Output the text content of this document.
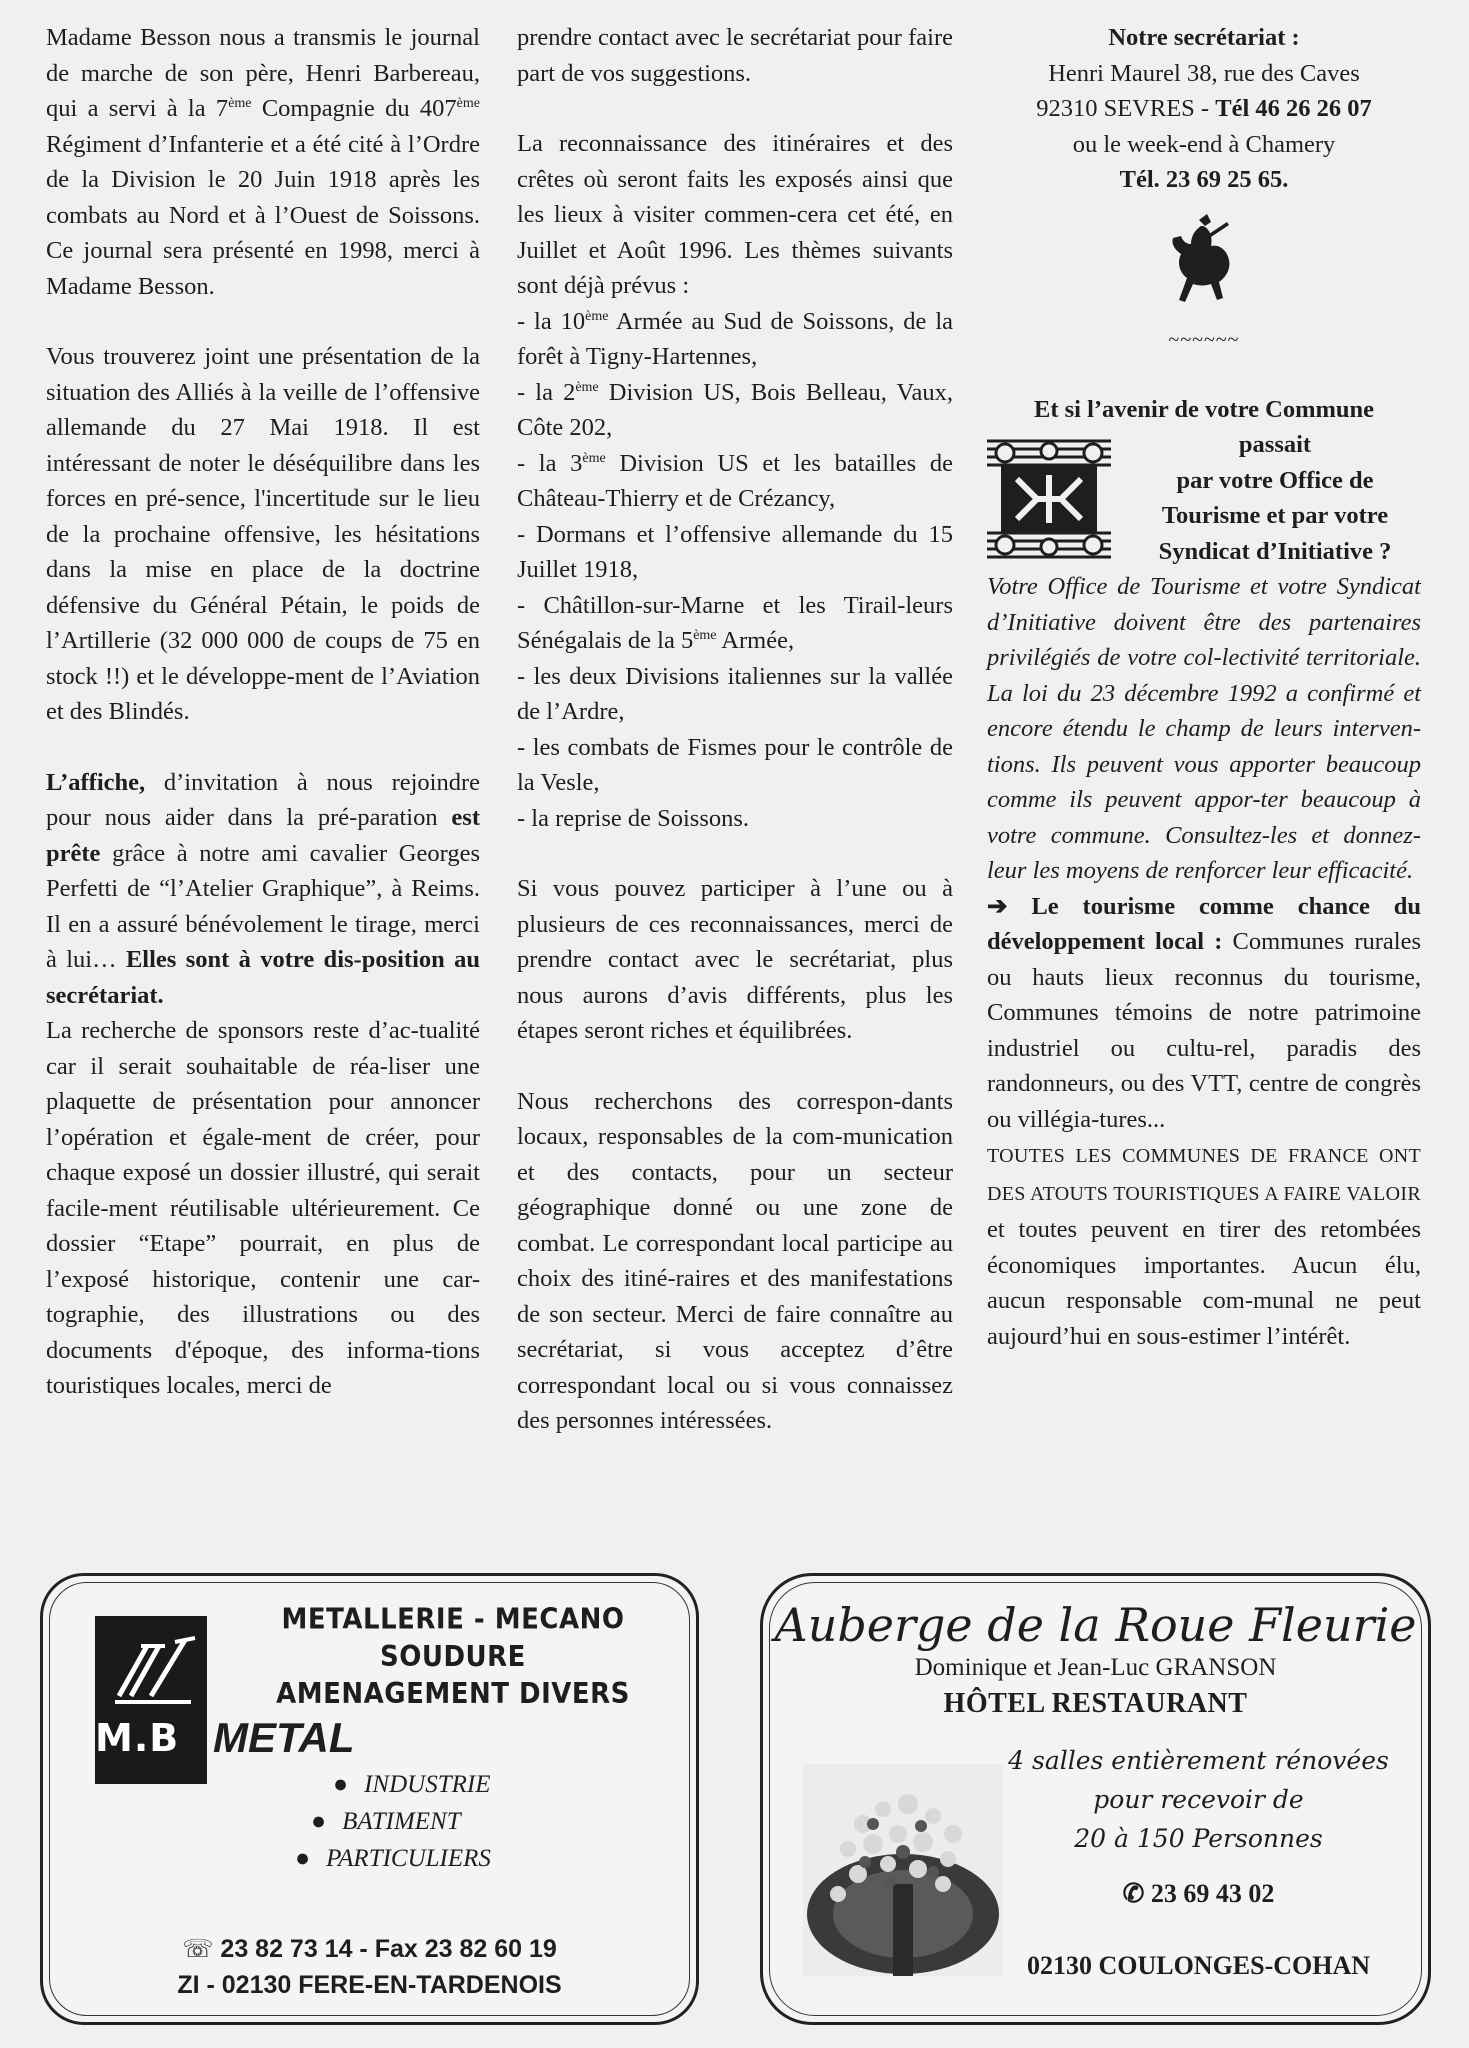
Madame Besson nous a transmis le journal de marche de son père, Henri Barbereau, qui a servi à la 7ème Compagnie du 407ème Régiment d’Infanterie et a été cité à l’Ordre de la Division le 20 Juin 1918 après les combats au Nord et à l’Ouest de Soissons. Ce journal sera présenté en 1998, merci à Madame Besson.

Vous trouverez joint une présentation de la situation des Alliés à la veille de l’offensive allemande du 27 Mai 1918. Il est intéressant de noter le déséquilibre dans les forces en pré-sence, l'incertitude sur le lieu de la prochaine offensive, les hésitations dans la mise en place de la doctrine défensive du Général Pétain, le poids de l’Artillerie (32 000 000 de coups de 75 en stock !!) et le développe-ment de l’Aviation et des Blindés.

L’affiche, d’invitation à nous rejoindre pour nous aider dans la pré-paration est prête grâce à notre ami cavalier Georges Perfetti de “l’Atelier Graphique”, à Reims. Il en a assuré bénévolement le tirage, merci à lui… Elles sont à votre dis-position au secrétariat.

La recherche de sponsors reste d’ac-tualité car il serait souhaitable de réa-liser une plaquette de présentation pour annoncer l’opération et égale-ment de créer, pour chaque exposé un dossier illustré, qui serait facile-ment réutilisable ultérieurement. Ce dossier “Etape” pourrait, en plus de l’exposé historique, contenir une car-tographie, des illustrations ou des documents d'époque, des informa-tions touristiques locales, merci de

prendre contact avec le secrétariat pour faire part de vos suggestions.

La reconnaissance des itinéraires et des crêtes où seront faits les exposés ainsi que les lieux à visiter commen-cera cet été, en Juillet et Août 1996. Les thèmes suivants sont déjà prévus :

- la 10ème Armée au Sud de Soissons, de la forêt à Tigny-Hartennes,

- la 2ème Division US, Bois Belleau, Vaux, Côte 202,

- la 3ème Division US et les batailles de Château-Thierry et de Crézancy,

- Dormans et l’offensive allemande du 15 Juillet 1918,

- Châtillon-sur-Marne et les Tirail-leurs Sénégalais de la 5ème Armée,

- les deux Divisions italiennes sur la vallée de l’Ardre,

- les combats de Fismes pour le contrôle de la Vesle,

- la reprise de Soissons.

Si vous pouvez participer à l’une ou à plusieurs de ces reconnaissances, merci de prendre contact avec le secrétariat, plus nous aurons d’avis différents, plus les étapes seront riches et équilibrées.

Nous recherchons des correspon-dants locaux, responsables de la com-munication et des contacts, pour un secteur géographique donné ou une zone de combat. Le correspondant local participe au choix des itiné-raires et des manifestations de son secteur. Merci de faire connaître au secrétariat, si vous acceptez d’être correspondant local ou si vous connaissez des personnes intéressées.

Notre secrétariat :

Henri Maurel 38, rue des Caves

92310 SEVRES - Tél 46 26 26 07

ou le week-end à Chamery

Tél. 23 69 25 65.

~~~~~~

Et si l’avenir de votre Commune

passait

par votre Office de Tourisme et par votre Syndicat d’Initiative ?

Votre Office de Tourisme et votre Syndicat d’Initiative doivent être des partenaires privilégiés de votre col-lectivité territoriale. La loi du 23 décembre 1992 a confirmé et encore étendu le champ de leurs interven-tions. Ils peuvent vous apporter beaucoup comme ils peuvent appor-ter beaucoup à votre commune. Consultez-les et donnez-leur les moyens de renforcer leur efficacité.

➔ Le tourisme comme chance du développement local : Communes rurales ou hauts lieux reconnus du tourisme, Communes témoins de notre patrimoine industriel ou cultu-rel, paradis des randonneurs, ou des VTT, centre de congrès ou villégia-tures...

TOUTES LES COMMUNES DE FRANCE ONT DES ATOUTS TOURISTIQUES A FAIRE VALOIR et toutes peuvent en tirer des retombées économiques importantes. Aucun élu, aucun responsable com-munal ne peut aujourd’hui en sous-estimer l’intérêt.

M.B METAL
METALLERIE - MECANO SOUDURE
AMENAGEMENT DIVERS
● INDUSTRIE
● BATIMENT
● PARTICULIERS
☏ 23 82 73 14 - Fax 23 82 60 19
ZI - 02130 FERE-EN-TARDENOIS
Auberge de la Roue Fleurie
Dominique et Jean-Luc GRANSON
HÔTEL RESTAURANT
4 salles entièrement rénovées
pour recevoir de
20 à 150 Personnes
✆ 23 69 43 02
02130 COULONGES-COHAN
